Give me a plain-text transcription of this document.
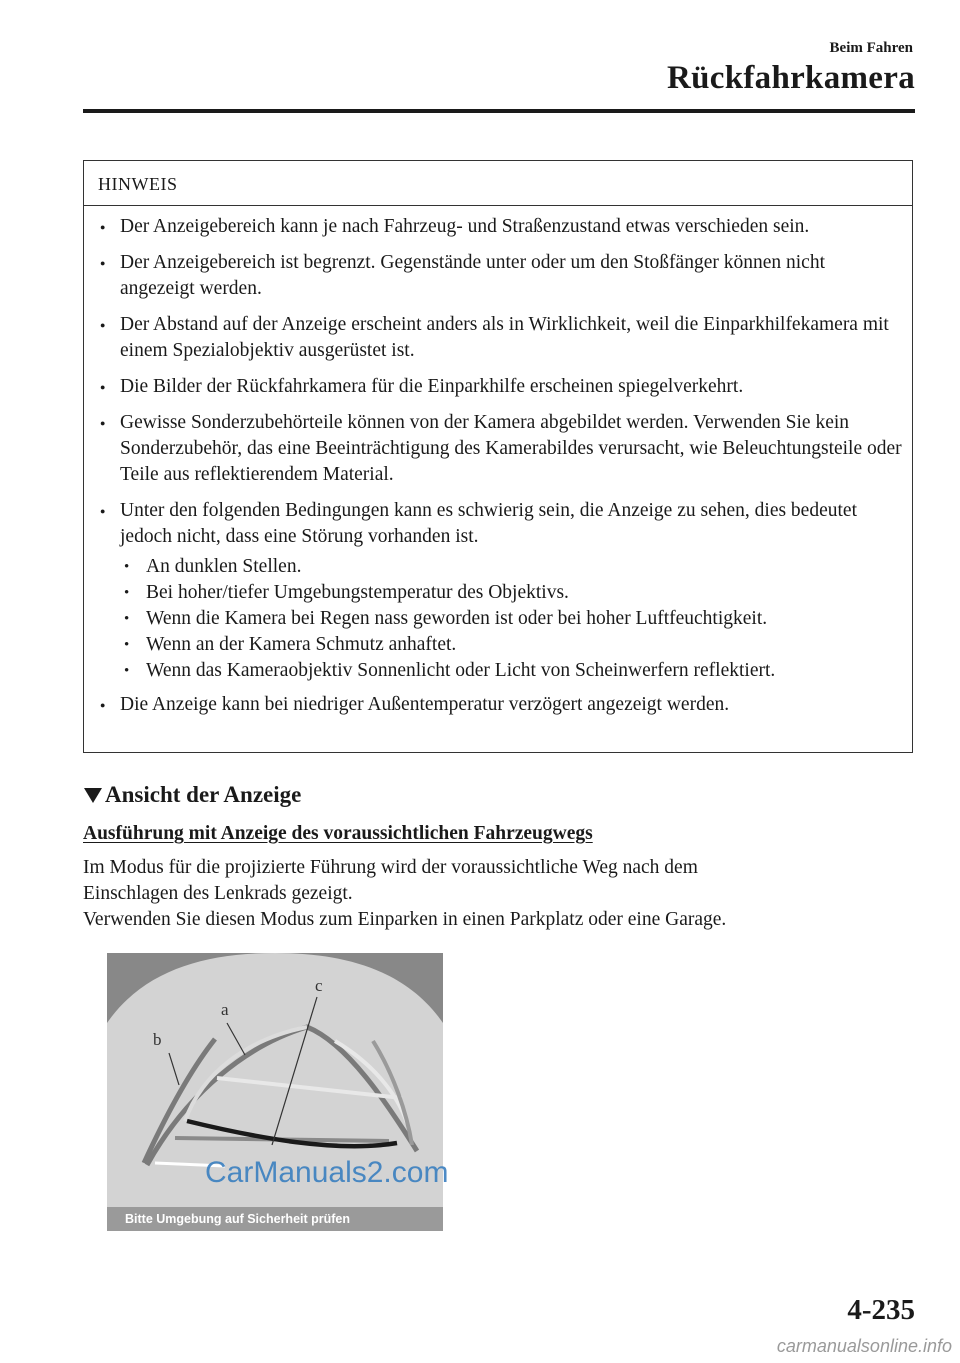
Beim Fahren
Rückfahrkamera
HINWEIS
● Der Anzeigebereich kann je nach Fahrzeug- und Straßenzustand etwas verschieden sein.
● Der Anzeigebereich ist begrenzt. Gegenstände unter oder um den Stoßfänger können nicht angezeigt werden.
● Der Abstand auf der Anzeige erscheint anders als in Wirklichkeit, weil die Einparkhilfekamera mit einem Spezialobjektiv ausgerüstet ist.
● Die Bilder der Rückfahrkamera für die Einparkhilfe erscheinen spiegelverkehrt.
● Gewisse Sonderzubehörteile können von der Kamera abgebildet werden. Verwenden Sie kein Sonderzubehör, das eine Beeinträchtigung des Kamerabildes verursacht, wie Beleuchtungsteile oder Teile aus reflektierendem Material.
● Unter den folgenden Bedingungen kann es schwierig sein, die Anzeige zu sehen, dies bedeutet jedoch nicht, dass eine Störung vorhanden ist.
• An dunklen Stellen.
• Bei hoher/tiefer Umgebungstemperatur des Objektivs.
• Wenn die Kamera bei Regen nass geworden ist oder bei hoher Luftfeuchtigkeit.
• Wenn an der Kamera Schmutz anhaftet.
• Wenn das Kameraobjektiv Sonnenlicht oder Licht von Scheinwerfern reflektiert.
● Die Anzeige kann bei niedriger Außentemperatur verzögert angezeigt werden.
Ansicht der Anzeige
Ausführung mit Anzeige des voraussichtlichen Fahrzeugwegs

Im Modus für die projizierte Führung wird der voraussichtliche Weg nach dem
Einschlagen des Lenkrads gezeigt.
Verwenden Sie diesen Modus zum Einparken in einen Parkplatz oder eine Garage.

a
b
c
Bitte Umgebung auf Sicherheit prüfen
CarManuals2.com
4-235
carmanualsonline.info
